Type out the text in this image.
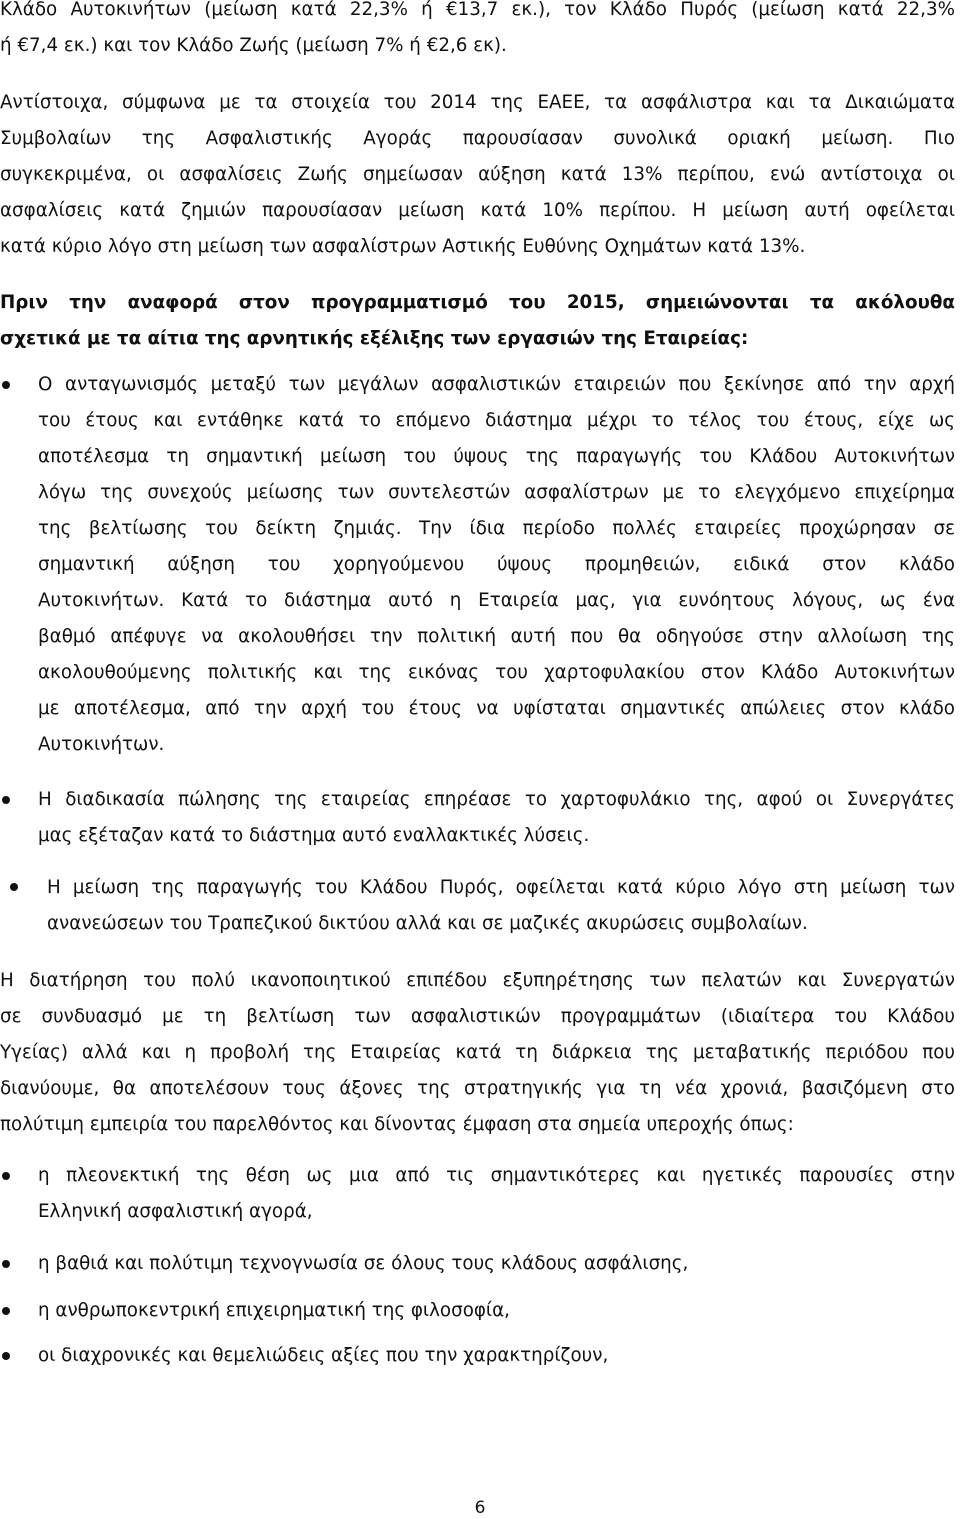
Κλάδο Αυτοκινήτων (μείωση κατά 22,3% ή €13,7 εκ.), τον Κλάδο Πυρός (μείωση κατά 22,3%
ή €7,4 εκ.) και τον Κλάδο Ζωής (μείωση 7% ή €2,6 εκ).
Αντίστοιχα, σύμφωνα με τα στοιχεία του 2014 της ΕΑΕΕ, τα ασφάλιστρα και τα Δικαιώματα
Συμβολαίων της Ασφαλιστικής Αγοράς παρουσίασαν συνολικά οριακή μείωση. Πιο
συγκεκριμένα, οι ασφαλίσεις Ζωής σημείωσαν αύξηση κατά 13% περίπου, ενώ αντίστοιχα οι
ασφαλίσεις κατά ζημιών παρουσίασαν μείωση κατά 10% περίπου. Η μείωση αυτή οφείλεται
κατά κύριο λόγο στη μείωση των ασφαλίστρων Αστικής Ευθύνης Οχημάτων κατά 13%.
Πριν την αναφορά στον προγραμματισμό του 2015, σημειώνονται τα ακόλουθα
σχετικά με τα αίτια της αρνητικής εξέλιξης των εργασιών της Εταιρείας:
Ο ανταγωνισμός μεταξύ των μεγάλων ασφαλιστικών εταιρειών που ξεκίνησε από την αρχή
του έτους και εντάθηκε κατά το επόμενο διάστημα μέχρι το τέλος του έτους, είχε ως
αποτέλεσμα τη σημαντική μείωση του ύψους της παραγωγής του Κλάδου Αυτοκινήτων
λόγω της συνεχούς μείωσης των συντελεστών ασφαλίστρων με το ελεγχόμενο επιχείρημα
της βελτίωσης του δείκτη ζημιάς. Την ίδια περίοδο πολλές εταιρείες προχώρησαν σε
σημαντική αύξηση του χορηγούμενου ύψους προμηθειών, ειδικά στον κλάδο
Αυτοκινήτων. Κατά το διάστημα αυτό η Εταιρεία μας, για ευνόητους λόγους, ως ένα
βαθμό απέφυγε να ακολουθήσει την πολιτική αυτή που θα οδηγούσε στην αλλοίωση της
ακολουθούμενης πολιτικής και της εικόνας του χαρτοφυλακίου στον Κλάδο Αυτοκινήτων
με αποτέλεσμα, από την αρχή του έτους να υφίσταται σημαντικές απώλειες στον κλάδο
Αυτοκινήτων.
Η διαδικασία πώλησης της εταιρείας επηρέασε το χαρτοφυλάκιο της, αφού οι Συνεργάτες
μας εξέταζαν κατά το διάστημα αυτό εναλλακτικές λύσεις.
Η μείωση της παραγωγής του Κλάδου Πυρός, οφείλεται κατά κύριο λόγο στη μείωση των
ανανεώσεων του Τραπεζικού δικτύου αλλά και σε μαζικές ακυρώσεις συμβολαίων.
Η διατήρηση του πολύ ικανοποιητικού επιπέδου εξυπηρέτησης των πελατών και Συνεργατών
σε συνδυασμό με τη βελτίωση των ασφαλιστικών προγραμμάτων (ιδιαίτερα του Κλάδου
Υγείας) αλλά και η προβολή της Εταιρείας κατά τη διάρκεια της μεταβατικής περιόδου που
διανύουμε, θα αποτελέσουν τους άξονες της στρατηγικής για τη νέα χρονιά, βασιζόμενη στο
πολύτιμη εμπειρία του παρελθόντος και δίνοντας έμφαση στα σημεία υπεροχής όπως:
η πλεονεκτική της θέση ως μια από τις σημαντικότερες και ηγετικές παρουσίες στην
Ελληνική ασφαλιστική αγορά,
η βαθιά και πολύτιμη τεχνογνωσία σε όλους τους κλάδους ασφάλισης,
η ανθρωποκεντρική επιχειρηματική της φιλοσοφία,
οι διαχρονικές και θεμελιώδεις αξίες που την χαρακτηρίζουν,
6
